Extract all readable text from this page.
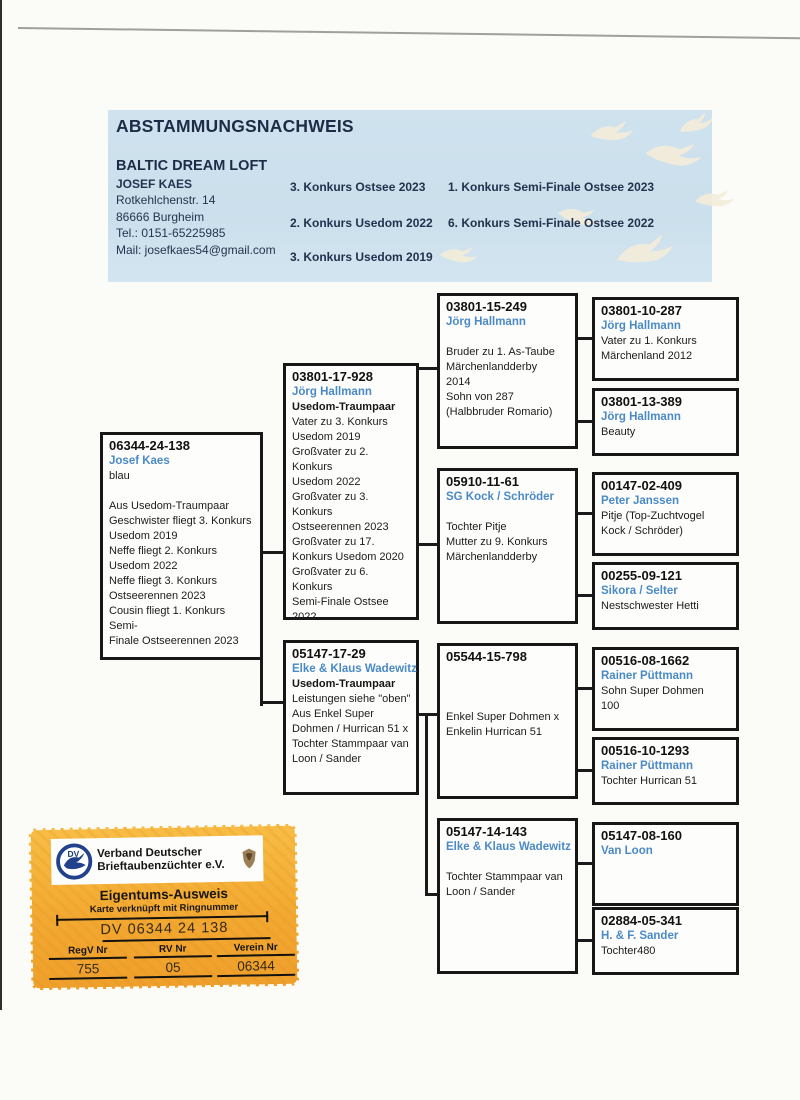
ABSTAMMUNGSNACHWEIS
BALTIC DREAM LOFT
JOSEF KAES
Rotkehlchenstr. 14
86666 Burgheim
Tel.: 0151-65225985
Mail: josefkaes54@gmail.com
3. Konkurs Ostsee 2023
2. Konkurs Usedom 2022
3. Konkurs Usedom 2019
1. Konkurs Semi-Finale Ostsee 2023
6. Konkurs Semi-Finale Ostsee 2022
06344-24-138
Josef Kaes
blau

Aus Usedom-Traumpaar
Geschwister fliegt 3. Konkurs
Usedom 2019
Neffe fliegt 2. Konkurs
Usedom 2022
Neffe fliegt 3. Konkurs
Ostseerennen 2023
Cousin fliegt 1. Konkurs Semi-
Finale Ostseerennen 2023
03801-17-928
Jörg Hallmann
Usedom-Traumpaar
Vater zu 3. Konkurs
Usedom 2019
Großvater zu 2. Konkurs
Usedom 2022
Großvater zu 3. Konkurs
Ostseerennen 2023
Großvater zu 17.
Konkurs Usedom 2020
Großvater zu 6. Konkurs
Semi-Finale Ostsee
2022
05147-17-29
Elke & Klaus Wadewitz
Usedom-Traumpaar
Leistungen siehe "oben"
Aus Enkel Super
Dohmen / Hurrican 51 x
Tochter Stammpaar van
Loon / Sander
03801-15-249
Jörg Hallmann

Bruder zu 1. As-Taube
Märchenlandderby
2014
Sohn von 287
(Halbbruder Romario)
05910-11-61
SG Kock / Schröder

Tochter Pitje
Mutter zu 9. Konkurs
Märchenlandderby
05544-15-798

Enkel Super Dohmen x
Enkelin Hurrican 51
05147-14-143
Elke & Klaus Wadewitz

Tochter Stammpaar van
Loon / Sander
03801-10-287
Jörg Hallmann
Vater zu 1. Konkurs
Märchenland 2012
03801-13-389
Jörg Hallmann
Beauty
00147-02-409
Peter Janssen
Pitje (Top-Zuchtvogel
Kock / Schröder)
00255-09-121
Sikora / Selter
Nestschwester Hetti
00516-08-1662
Rainer Püttmann
Sohn Super Dohmen
100
00516-10-1293
Rainer Püttmann
Tochter Hurrican 51
05147-08-160
Van Loon
02884-05-341
H. & F. Sander
Tochter480
DV Verband Deutscher
Brieftaubenzüchter e.V.
Eigentums-Ausweis
Karte verknüpft mit Ringnummer
DV 06344 24 138
RegV Nr
755
RV Nr
05
Verein Nr
06344
